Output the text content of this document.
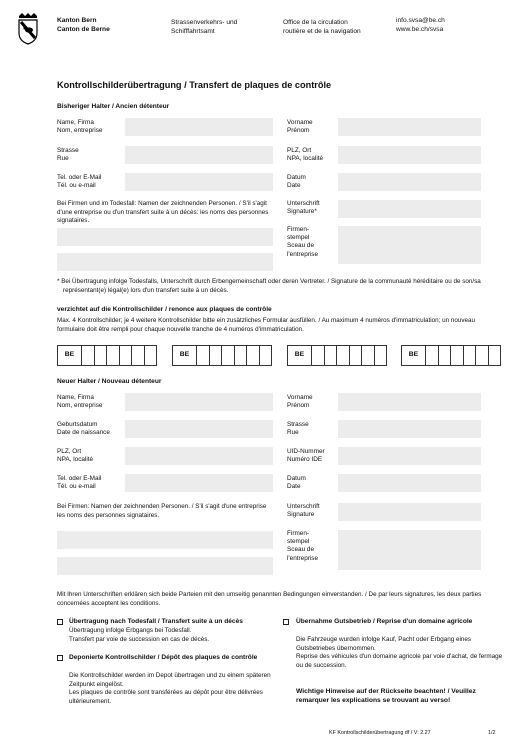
Kanton Bern
Canton de Berne
Strassenverkehrs- und
Schifffahrtsamt
Office de la circulation
routière et de la navigation
info.svsa@be.ch
www.be.ch/svsa
Kontrollschilderübertragung / Transfert de plaques de contrôle
Bisheriger Halter / Ancien détenteur
Name, Firma
Nom, entreprise
Vorname
Prénom
Strasse
Rue
PLZ, Ort
NPA, localité
Tel. oder E-Mail
Tél. ou e-mail
Datum
Date
Bei Firmen und im Todesfall: Namen der zeichnenden Personen. / S'il s'agit d'une entreprise ou d'un transfert suite à un décès: les noms des personnes signataires.
Unterschrift
Signature*
Firmen-
stempel
Sceau de
l'entreprise
* Bei Übertragung infolge Todesfalls, Unterschrift durch Erbengemeinschaft oder deren Vertreter. / Signature de la communauté héréditaire ou de son/sa représentant(e) légal(e) lors d'un transfert suite à un décès.
verzichtet auf die Kontrollschilder / renonce aux plaques de contrôle
Max. 4 Kontrollschilder; je 4 weitere Kontrollschilder bitte ein zusätzliches Formular ausfüllen. / Au maximum 4 numéros d'immatriculation; un nouveau formulaire doit être rempli pour chaque nouvelle tranche de 4 numéros d'immatriculation.
BE	BE	BE	BE
Neuer Halter / Nouveau détenteur
Name, Firma
Nom, entreprise
Vorname
Prénom
Geburtsdatum
Date de naissance
Strasse
Rue
PLZ, Ort
NPA, localité
UID-Nummer
Numéro IDE
Tel. oder E-Mail
Tél. ou e-mail
Datum
Date
Bei Firmen: Namen der zeichnenden Personen. / S'il s'agit d'une entreprise les noms des personnes signataires.
Unterschrift
Signature
Firmen-
stempel
Sceau de
l'entreprise
Mit Ihren Unterschriften erklären sich beide Parteien mit den umseitig genannten Bedingungen einverstanden. / De par leurs signatures, les deux parties concernées acceptent les conditions.
Übertragung nach Todesfall / Transfert suite à un décès
Übertragung infolge Erbgangs bei Todesfall.
Transfert par voie de succession en cas de décès.
Deponierte Kontrollschilder / Dépôt des plaques de contrôle
Die Kontrollschilder werden im Depot übertragen und zu einem späteren Zeitpunkt eingelöst.
Les plaques de contrôle sont transférées au dépôt pour être délivrées ultérieurement.
Übernahme Gutsbetrieb / Reprise d'un domaine agricole
Die Fahrzeuge wurden infolge Kauf, Pacht oder Erbgang eines Gutsbetriebes übernommen.
Reprise des véhicules d'un domaine agricole par voie d'achat, de fermage ou de succession.
Wichtige Hinweise auf der Rückseite beachten! / Veuillez remarquer les explications se trouvant au verso!
KF Kontrollschilderübertragung df / V: 2.27	1/2
